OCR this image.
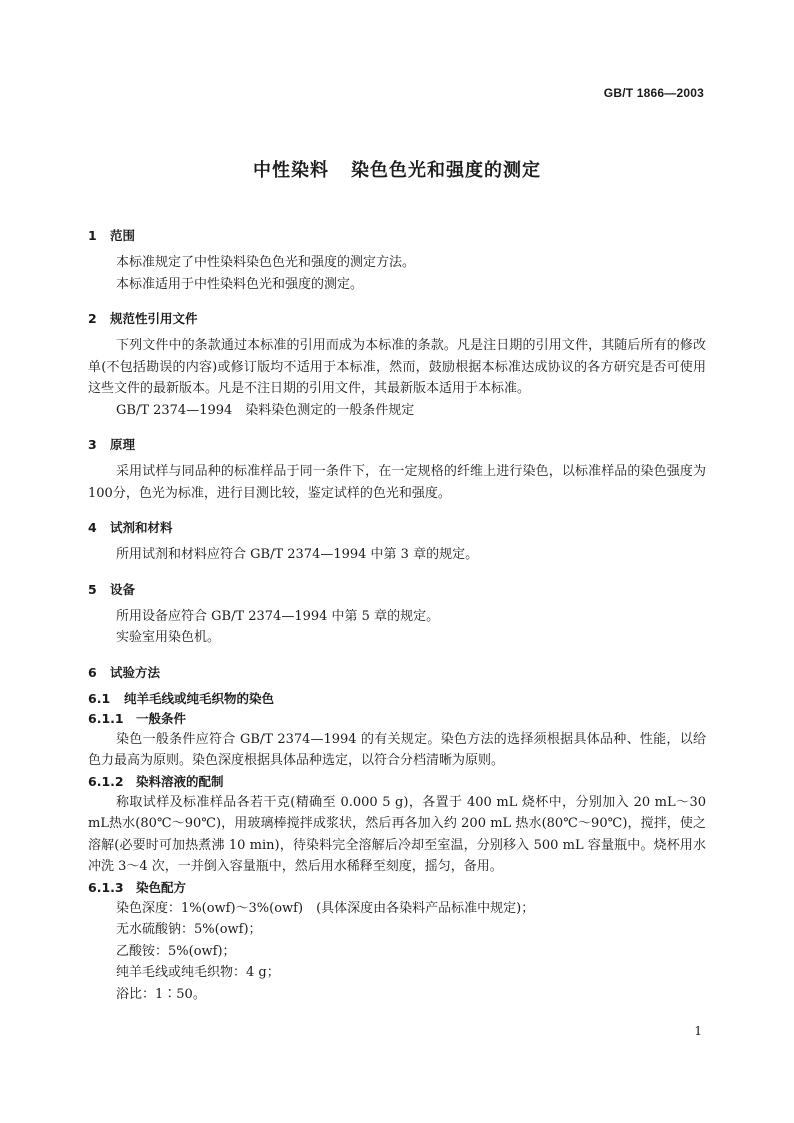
GB/T 1866—2003
中性染料 染色色光和强度的测定
1 范围

本标准规定了中性染料染色色光和强度的测定方法。

本标准适用于中性染料色光和强度的测定。

2 规范性引用文件

下列文件中的条款通过本标准的引用而成为本标准的条款。凡是注日期的引用文件，其随后所有的修改单(不包括勘误的内容)或修订版均不适用于本标准，然而，鼓励根据本标准达成协议的各方研究是否可使用这些文件的最新版本。凡是不注日期的引用文件，其最新版本适用于本标准。

GB/T 2374—1994　染料染色测定的一般条件规定

3 原理

采用试样与同品种的标准样品于同一条件下，在一定规格的纤维上进行染色，以标准样品的染色强度为100分，色光为标准，进行目测比较，鉴定试样的色光和强度。

4 试剂和材料

所用试剂和材料应符合 GB/T 2374—1994 中第 3 章的规定。

5 设备

所用设备应符合 GB/T 2374—1994 中第 5 章的规定。

实验室用染色机。

6 试验方法
6.1 纯羊毛线或纯毛织物的染色
6.1.1 一般条件

染色一般条件应符合 GB/T 2374—1994 的有关规定。染色方法的选择须根据具体品种、性能，以给色力最高为原则。染色深度根据具体品种选定，以符合分档清晰为原则。

6.1.2 染料溶液的配制

称取试样及标准样品各若干克(精确至 0.000 5 g)，各置于 400 mL 烧杯中，分别加入 20 mL～30 mL热水(80℃～90℃)，用玻璃棒搅拌成浆状，然后再各加入约 200 mL 热水(80℃～90℃)，搅拌，使之溶解(必要时可加热煮沸 10 min)，待染料完全溶解后冷却至室温，分别移入 500 mL 容量瓶中。烧杯用水冲洗 3～4 次，一并倒入容量瓶中，然后用水稀释至刻度，摇匀，备用。

6.1.3 染色配方

染色深度：1%(owf)～3%(owf)　(具体深度由各染料产品标准中规定)；

无水硫酸钠：5%(owf)；

乙酸铵：5%(owf)；

纯羊毛线或纯毛织物：4 g；

浴比：1∶50。

1
